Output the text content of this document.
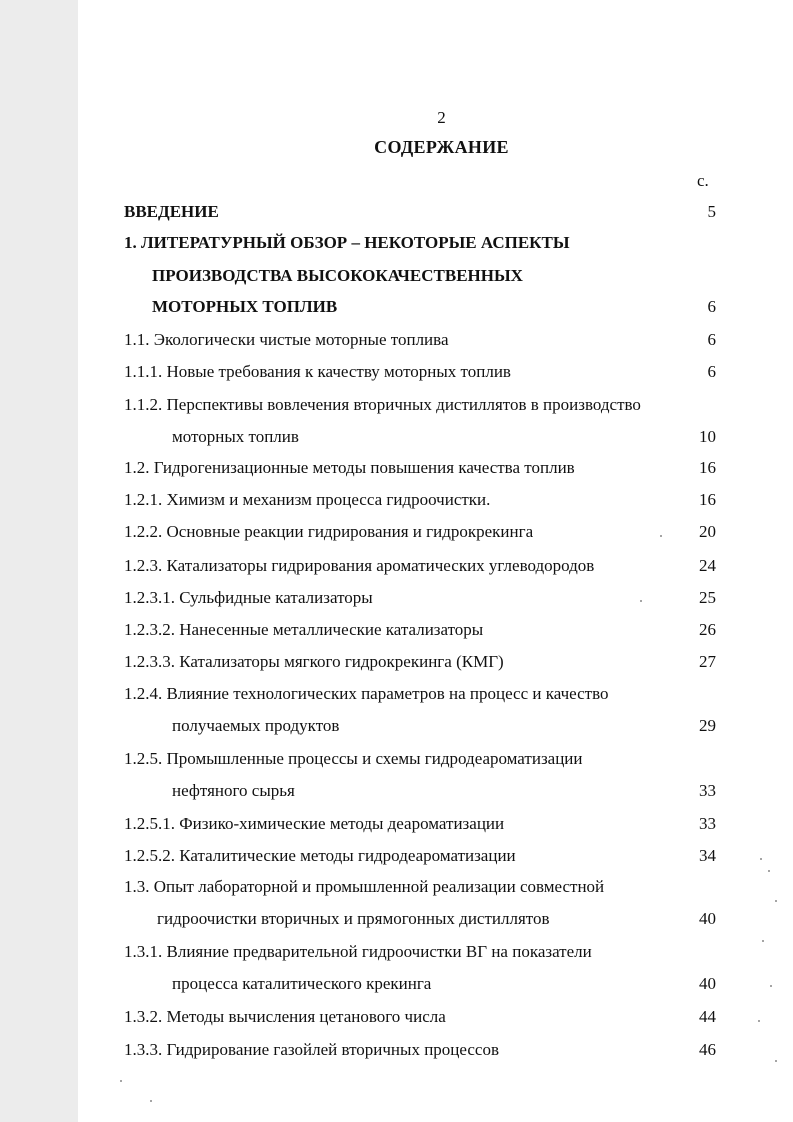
2
СОДЕРЖАНИЕ
с.
ВВЕДЕНИЕ	5
1. ЛИТЕРАТУРНЫЙ ОБЗОР – НЕКОТОРЫЕ АСПЕКТЫ
ПРОИЗВОДСТВА ВЫСОКОКАЧЕСТВЕННЫХ
МОТОРНЫХ ТОПЛИВ	6
1.1. Экологически чистые моторные топлива	6
1.1.1. Новые требования к качеству моторных топлив	6
1.1.2. Перспективы вовлечения вторичных дистиллятов в производство
моторных топлив	10
1.2. Гидрогенизационные методы повышения качества топлив	16
1.2.1. Химизм и механизм процесса гидроочистки.	16
1.2.2. Основные реакции гидрирования и гидрокрекинга	20
1.2.3. Катализаторы гидрирования ароматических углеводородов	24
1.2.3.1. Сульфидные катализаторы	25
1.2.3.2. Нанесенные металлические катализаторы	26
1.2.3.3. Катализаторы мягкого гидрокрекинга (КМГ)	27
1.2.4. Влияние технологических параметров на процесс и качество
получаемых продуктов	29
1.2.5. Промышленные процессы и схемы гидродеароматизации
нефтяного сырья	33
1.2.5.1. Физико-химические методы деароматизации	33
1.2.5.2. Каталитические методы гидродеароматизации	34
1.3. Опыт лабораторной и промышленной реализации совместной
гидроочистки вторичных и прямогонных дистиллятов	40
1.3.1. Влияние предварительной гидроочистки ВГ на показатели
процесса каталитического крекинга	40
1.3.2. Методы вычисления цетанового числа	44
1.3.3. Гидрирование газойлей вторичных процессов	46
